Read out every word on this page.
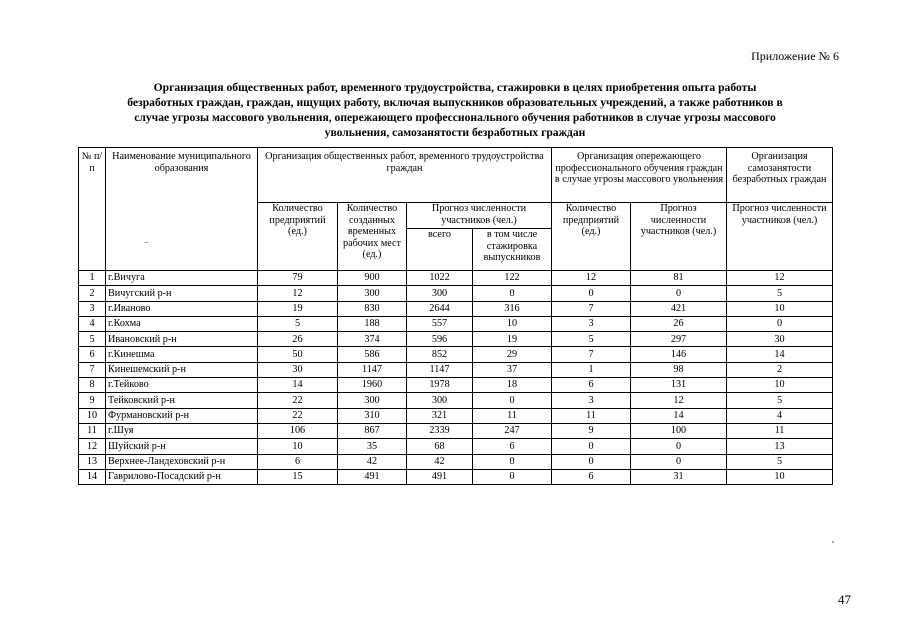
Приложение № 6
Организация общественных работ, временного трудоустройства, стажировки в целях приобретения опыта работы
безработных граждан, граждан, ищущих работу, включая выпускников образовательных учреждений, а также работников в
случае угрозы массового увольнения, опережающего профессионального обучения работников в случае угрозы массового
увольнения, самозанятости безработных граждан
№ п/п	Наименование муниципального образования	Организация общественных работ, временного трудоустройства граждан				Организация опережающего профессионального обучения граждан в случае угрозы массового увольнения		Организация самозанятости безработных граждан
		Количество предприятий (ед.)	Количество созданных временных рабочих мест (ед.)	Прогноз численности участников (чел.)		Количество предприятий (ед.)	Прогноз численности участников (чел.)	Прогноз численности участников (чел.)
				всего	в том числе стажировка выпускников			
1	г.Вичуга	79	900	1022	122	12	81	12
2	Вичугский р-н	12	300	300	0	0	0	5
3	г.Иваново	19	830	2644	316	7	421	10
4	г.Кохма	5	188	557	10	3	26	0
5	Ивановский р-н	26	374	596	19	5	297	30
6	г.Кинешма	50	586	852	29	7	146	14
7	Кинешемский р-н	30	1147	1147	37	1	98	2
8	г.Тейково	14	1960	1978	18	6	131	10
9	Тейковский р-н	22	300	300	0	3	12	5
10	Фурмановский р-н	22	310	321	11	11	14	4
11	г.Шуя	106	867	2339	247	9	100	11
12	Шуйский р-н	10	35	68	6	0	0	13
13	Верхнее-Ландеховский р-н	6	42	42	0	0	0	5
14	Гаврилово-Посадский р-н	15	491	491	0	6	31	10
47
